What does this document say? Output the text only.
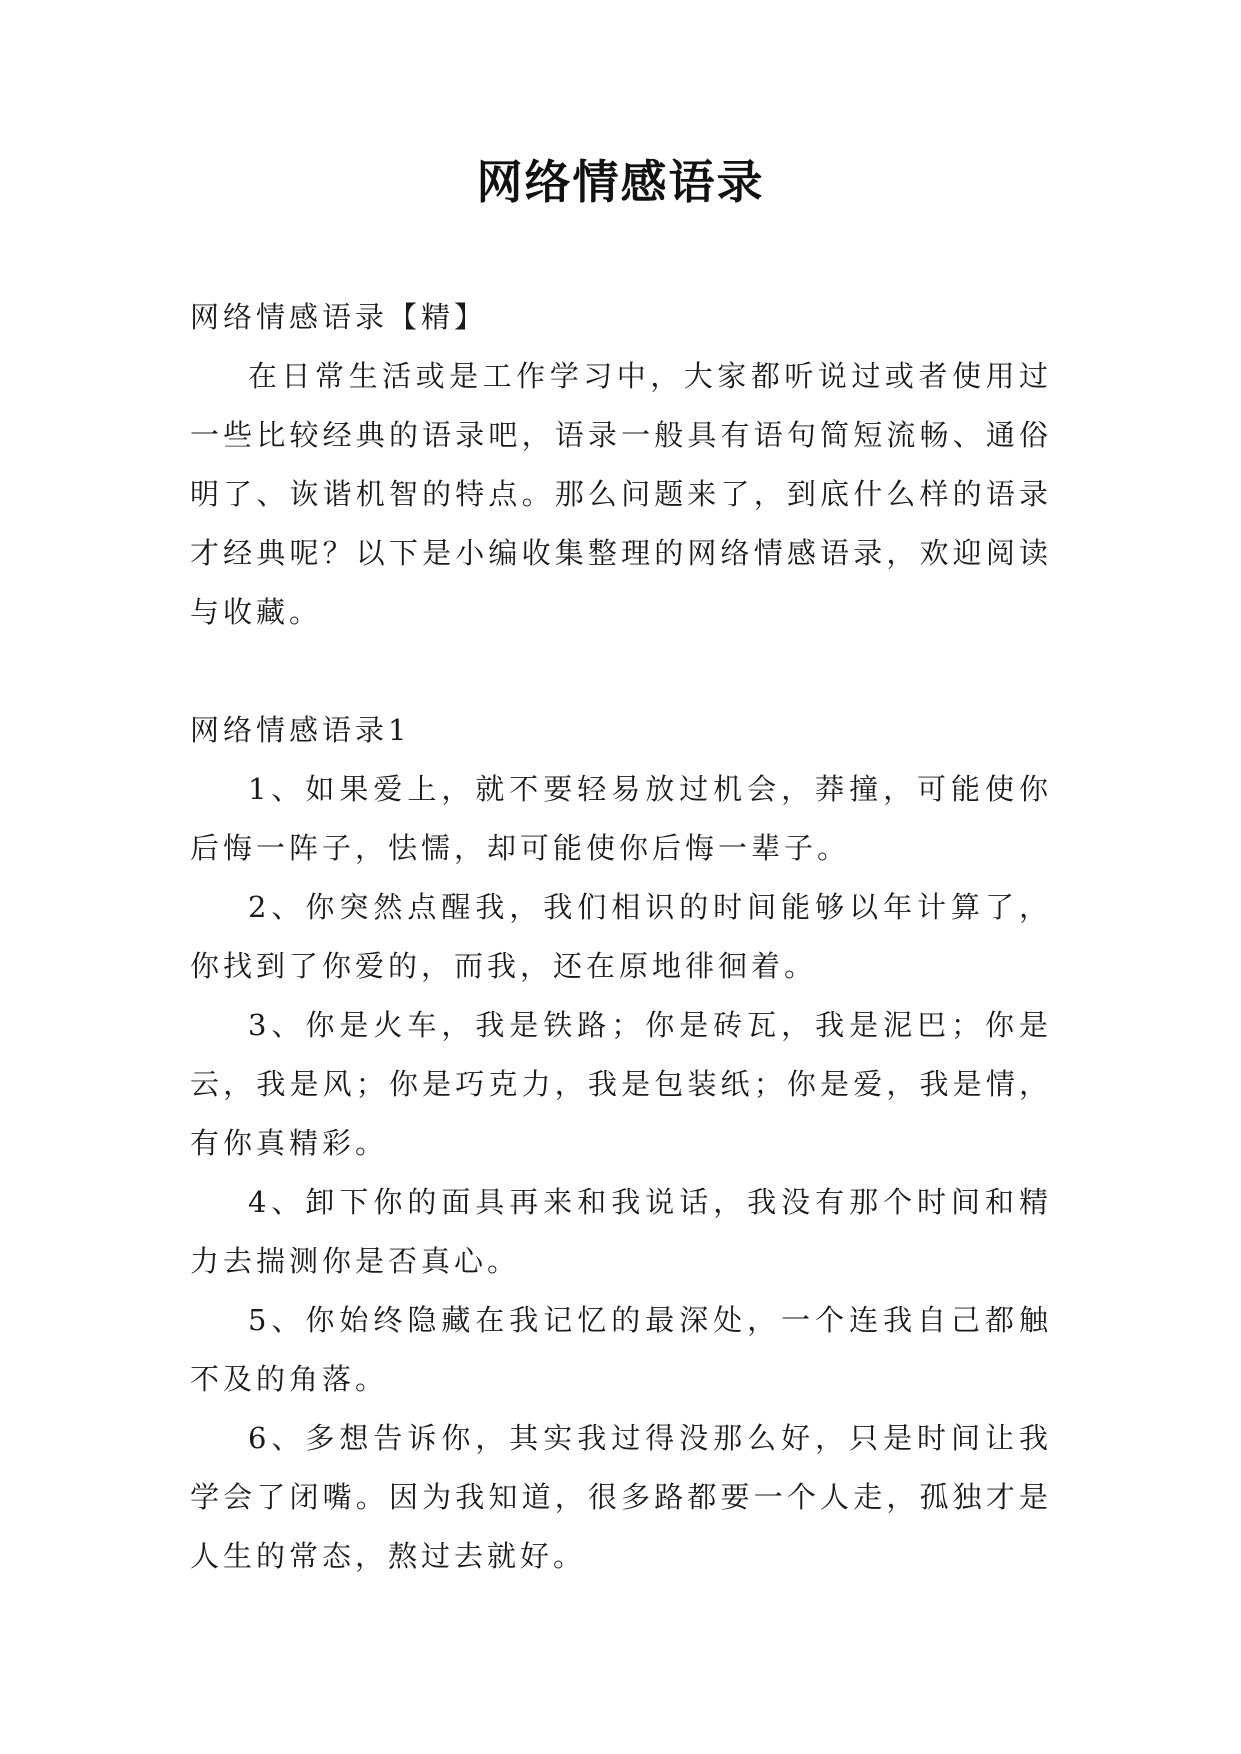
网络情感语录

网络情感语录【精】

在日常生活或是工作学习中，大家都听说过或者使用过一些比较经典的语录吧，语录一般具有语句简短流畅、通俗明了、诙谐机智的特点。那么问题来了，到底什么样的语录才经典呢？以下是小编收集整理的网络情感语录，欢迎阅读与收藏。

网络情感语录1

1、如果爱上，就不要轻易放过机会，莽撞，可能使你后悔一阵子，怯懦，却可能使你后悔一辈子。

2、你突然点醒我，我们相识的时间能够以年计算了，你找到了你爱的，而我，还在原地徘徊着。

3、你是火车，我是铁路；你是砖瓦，我是泥巴；你是云，我是风；你是巧克力，我是包装纸；你是爱，我是情，有你真精彩。

4、卸下你的面具再来和我说话，我没有那个时间和精力去揣测你是否真心。

5、你始终隐藏在我记忆的最深处，一个连我自己都触不及的角落。

6、多想告诉你，其实我过得没那么好，只是时间让我学会了闭嘴。因为我知道，很多路都要一个人走，孤独才是人生的常态，熬过去就好。
